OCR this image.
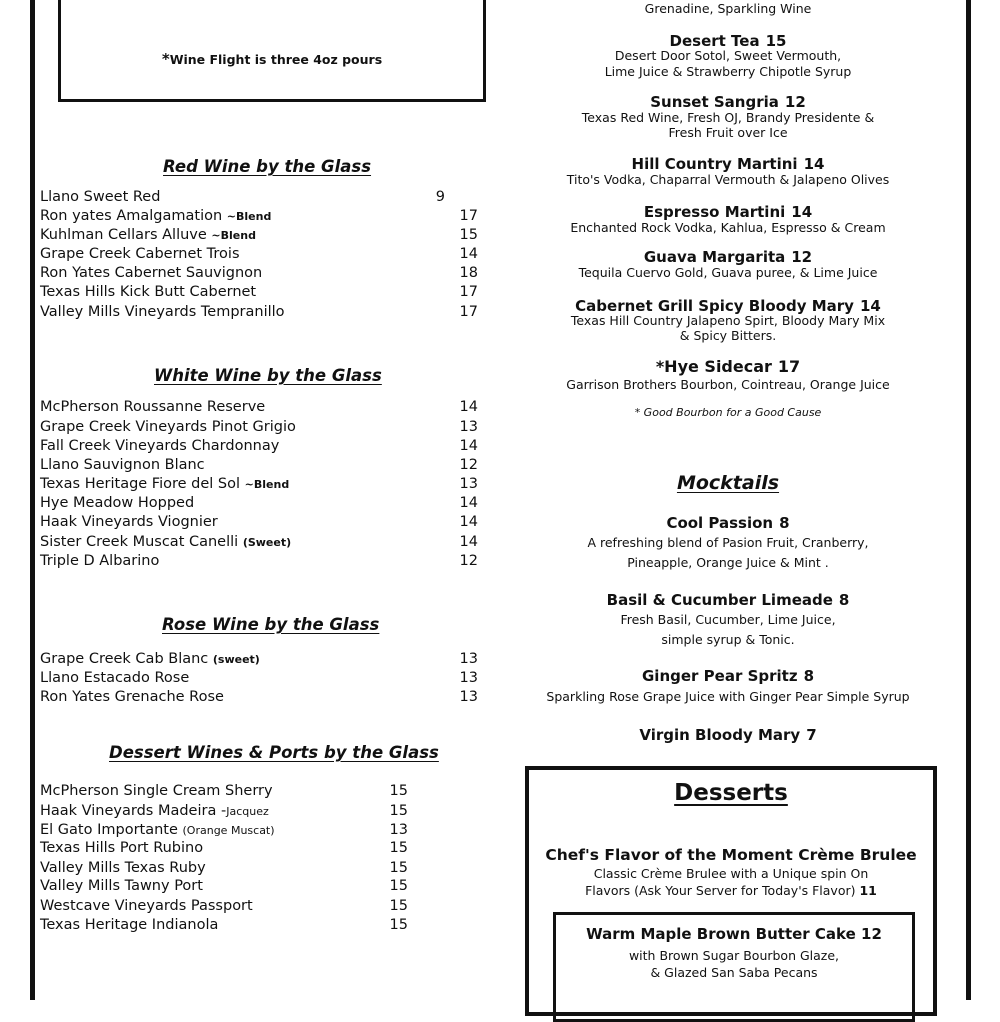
*Wine Flight is three 4oz pours
Red Wine by the Glass
White Wine by the Glass
Rose Wine by the Glass
Dessert Wines & Ports by the Glass
Llano Sweet Red	9
Ron yates Amalgamation ~Blend	17
Kuhlman Cellars Alluve ~Blend	15
Grape Creek Cabernet Trois	14
Ron Yates Cabernet Sauvignon	18
Texas Hills Kick Butt Cabernet	17
Valley Mills Vineyards Tempranillo	17
McPherson Roussanne Reserve	14
Grape Creek Vineyards Pinot Grigio	13
Fall Creek Vineyards Chardonnay	14
Llano Sauvignon Blanc	12
Texas Heritage Fiore del Sol ~Blend	13
Hye Meadow Hopped	14
Haak Vineyards Viognier	14
Sister Creek Muscat Canelli (Sweet)	14
Triple D Albarino	12
Grape Creek Cab Blanc (sweet)	13
Llano Estacado Rose	13
Ron Yates Grenache Rose	13
McPherson Single Cream Sherry	15
Haak Vineyards Madeira -Jacquez	15
El Gato Importante (Orange Muscat)	13
Texas Hills Port Rubino	15
Valley Mills Texas Ruby	15
Valley Mills Tawny Port	15
Westcave Vineyards Passport	15
Texas Heritage Indianola	15
Grenadine, Sparkling Wine
Desert Tea 15
Desert Door Sotol, Sweet Vermouth,
Lime Juice & Strawberry Chipotle Syrup
Sunset Sangria 12
Texas Red Wine, Fresh OJ, Brandy Presidente &
Fresh Fruit over Ice
Hill Country Martini 14
Tito's Vodka, Chaparral Vermouth & Jalapeno Olives
Espresso Martini 14
Enchanted Rock Vodka, Kahlua, Espresso & Cream
Guava Margarita 12
Tequila Cuervo Gold, Guava puree, & Lime Juice
Cabernet Grill Spicy Bloody Mary 14
Texas Hill Country Jalapeno Spirt, Bloody Mary Mix
& Spicy Bitters.
*Hye Sidecar 17
Garrison Brothers Bourbon, Cointreau, Orange Juice
* Good Bourbon for a Good Cause
Mocktails
Cool Passion 8
A refreshing blend of Pasion Fruit, Cranberry,
Pineapple, Orange Juice & Mint .
Basil & Cucumber Limeade 8
Fresh Basil, Cucumber, Lime Juice,
simple syrup & Tonic.
Ginger Pear Spritz 8
Sparkling Rose Grape Juice with Ginger Pear Simple Syrup
Virgin Bloody Mary 7
Desserts
Chef's Flavor of the Moment Crème Brulee
Classic Crème Brulee with a Unique spin On
Flavors (Ask Your Server for Today's Flavor) 11
Warm Maple Brown Butter Cake 12
with Brown Sugar Bourbon Glaze,
& Glazed San Saba Pecans
